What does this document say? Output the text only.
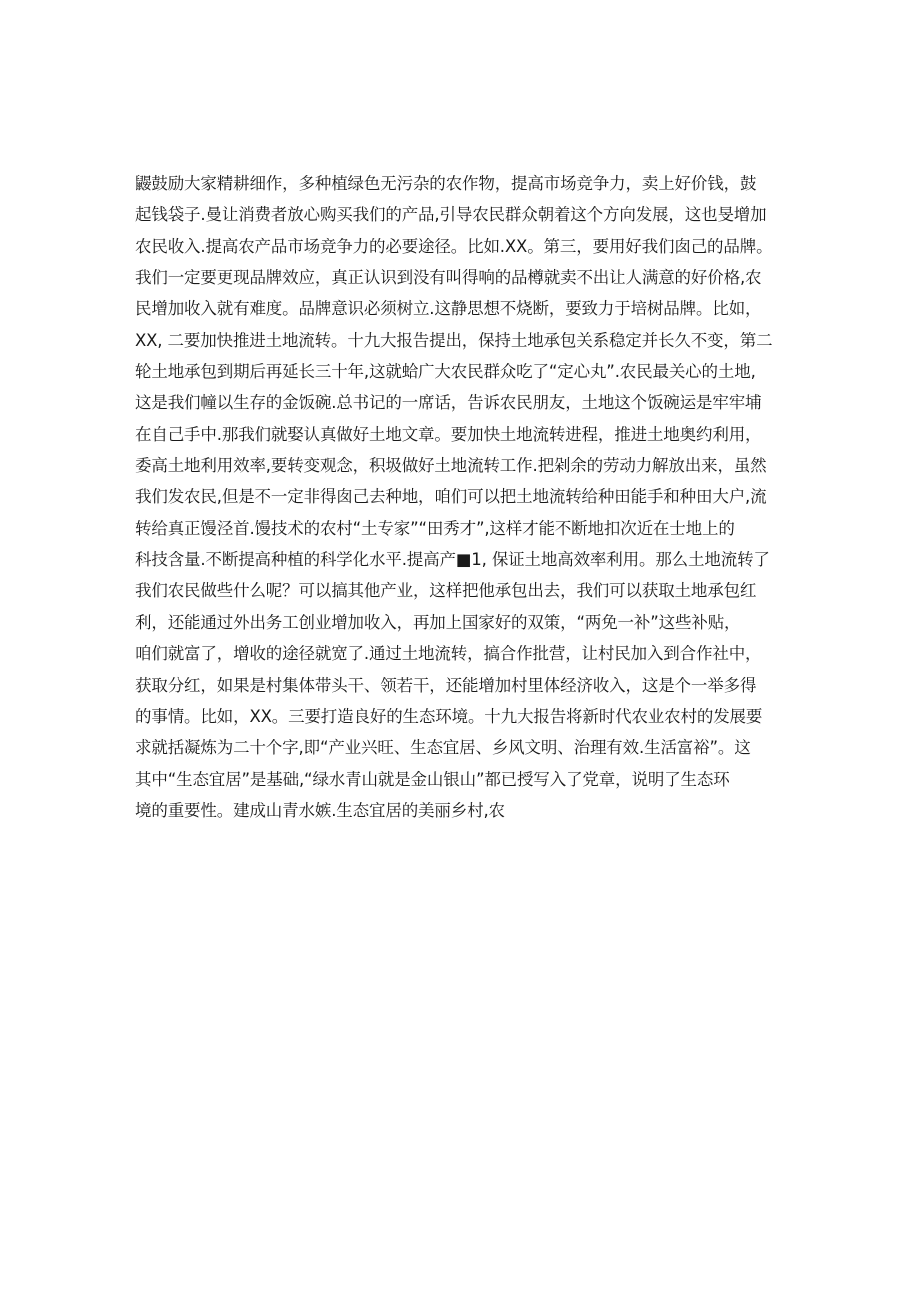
鼹鼓励大家精耕细作，多种植绿色无污杂的农作物，提高市场竞争力，卖上好价钱，鼓
起钱袋子.曼让消费者放心购买我们的产品,引导农民群众朝着这个方向发展，这也旻增加
农民收入.提高农产品市场竞争力的必要途径。比如.XX。第三，要用好我们囱己的品牌。
我们一定要更现品牌效应，真正认识到没有叫得响的品樽就卖不出让人满意的好价格,农
民增加收入就有难度。品牌意识必须树立.这静思想不烧断，要致力于培树品牌。比如，
XX, 二要加快推进土地流转。十九大报告提出，保持土地承包关系稳定并长久不变，第二
轮土地承包到期后再延长三十年,这就蛤广大农民群众吃了“定心丸”.农民最关心的土地,
这是我们幢以生存的金饭碗.总书记的一席话，告诉农民朋友，土地这个饭碗运是牢牢埔
在自己手中.那我们就娶认真做好土地文章。要加快土地流转进程，推进土地奥约利用，
委高土地利用效率,要转变观念，积圾做好土地流转工作.把剁余的劳动力解放出来，虽然
我们发农民,但是不一定非得囱己去种地，咱们可以把土地流转给种田能手和种田大户,流
转给真正馒泾首.馒技术的农村“土专家”“田秀才”,这样才能不断地扣次近在士地上的
科技含量.不断提高种植的科学化水平.提高产■1, 保证土地高效率利用。那么土地流转了
我们农民做些什么呢？可以搞其他产业，这样把他承包出去，我们可以获取土地承包红
利，还能通过外出务工创业增加收入，再加上国家好的双策，“两免一补”这些补贴，
咱们就富了，增收的途径就宽了.通过土地流转，搞合作批营，让村民加入到合作社中，
获取分红，如果是村集体带头干、领若干，还能增加村里体经济收入，这是个一举多得
的事情。比如，XX。三要打造良好的生态环境。十九大报告将新时代农业农村的发展要
求就括凝炼为二十个字,即“产业兴旺、生态宜居、乡风文明、治理有效.生活富裕”。这
其中“生态宜居”是基础,“绿水青山就是金山银山”都已授写入了党章，说明了生态环
境的重要性。建成山青水嫉.生态宜居的美丽乡村,农
